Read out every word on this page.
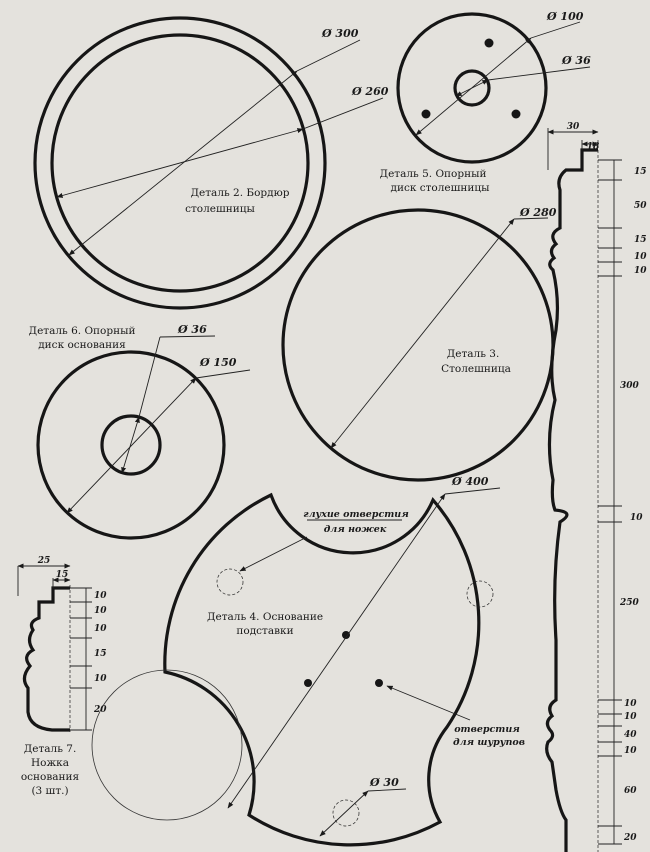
Ø 300
Ø 260
Деталь 2. Бордюр
столешницы
Ø 100
Ø 36
Деталь 5. Опорный
диск столешницы
Ø 280
Деталь 3.
Столешница
Ø 150
Ø 36
Деталь 6. Опорный
диск основания
Ø 400
Ø 30
глухие отверстия
для ножек
отверстия
для шурупов
Деталь 4. Основание
подставки
25
15
10
10
10
15
10
20
Деталь 7.
Ножка
основания
(3 шт.)
30
18
15
50
15
10
10
300
10
250
10
10
40
10
60
20
